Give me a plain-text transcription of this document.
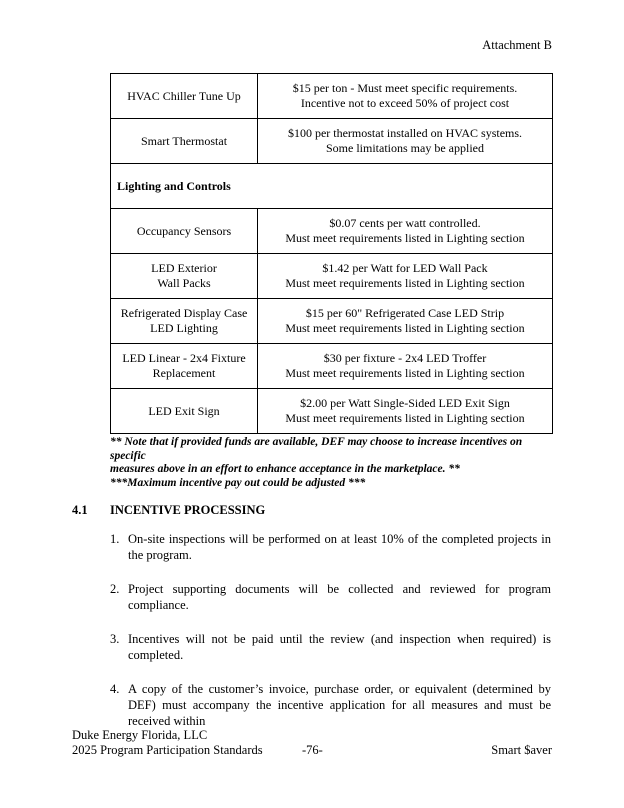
Attachment B
HVAC Chiller Tune Up	$15 per ton - Must meet specific requirements.
Incentive not to exceed 50% of project cost

Smart Thermostat	$100 per thermostat installed on HVAC systems.
Some limitations may be applied

Lighting and Controls	

Occupancy Sensors	$0.07 cents per watt controlled.
Must meet requirements listed in Lighting section

LED Exterior
Wall Packs	$1.42 per Watt for LED Wall Pack
Must meet requirements listed in Lighting section

Refrigerated Display Case
LED Lighting	$15 per 60" Refrigerated Case LED Strip
Must meet requirements listed in Lighting section

LED Linear - 2x4 Fixture
Replacement	$30 per fixture - 2x4 LED Troffer
Must meet requirements listed in Lighting section

LED Exit Sign	$2.00 per Watt Single-Sided LED Exit Sign
Must meet requirements listed in Lighting section
** Note that if provided funds are available, DEF may choose to increase incentives on specific
measures above in an effort to enhance acceptance in the marketplace. **
***Maximum incentive pay out could be adjusted ***
4.1 INCENTIVE PROCESSING
1. On-site inspections will be performed on at least 10% of the completed projects in the program.
2. Project supporting documents will be collected and reviewed for program compliance.
3. Incentives will not be paid until the review (and inspection when required) is completed.
4. A copy of the customer’s invoice, purchase order, or equivalent (determined by DEF) must accompany the incentive application for all measures and must be received within
Duke Energy Florida, LLC
2025 Program Participation Standards	-76-	Smart $aver
